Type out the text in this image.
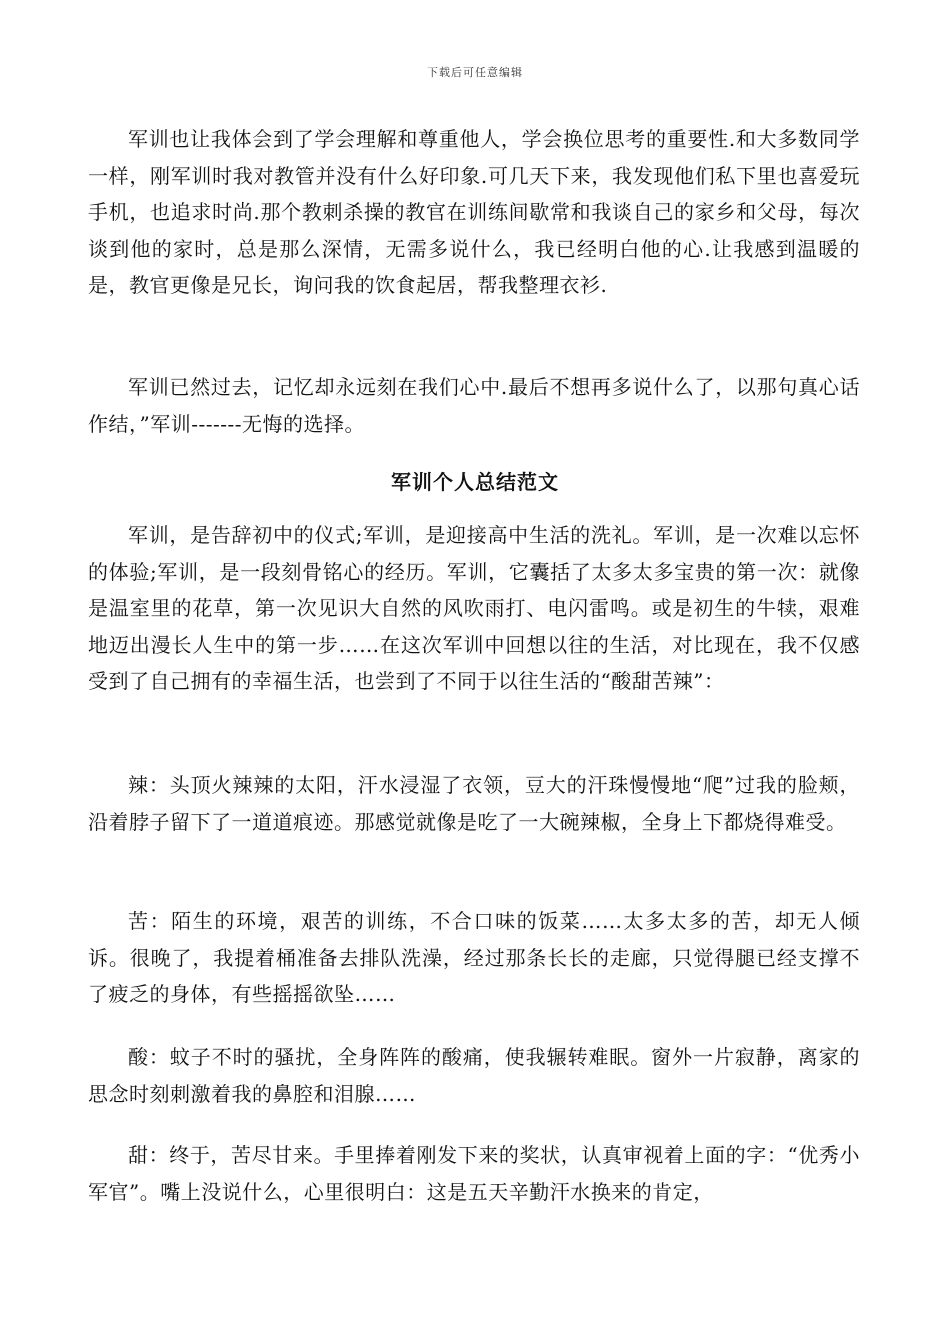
下载后可任意编辑

军训也让我体会到了学会理解和尊重他人，学会换位思考的重要性.和大多数同学一样，刚军训时我对教管并没有什么好印象.可几天下来，我发现他们私下里也喜爱玩手机，也追求时尚.那个教刺杀操的教官在训练间歇常和我谈自己的家乡和父母，每次谈到他的家时，总是那么深情，无需多说什么，我已经明白他的心.让我感到温暖的是，教官更像是兄长，询问我的饮食起居，帮我整理衣衫.

军训已然过去，记忆却永远刻在我们心中.最后不想再多说什么了，以那句真心话作结，”军训-------无悔的选择。

军训个人总结范文

军训，是告辞初中的仪式;军训，是迎接高中生活的洗礼。军训，是一次难以忘怀的体验;军训，是一段刻骨铭心的经历。军训，它囊括了太多太多宝贵的第一次：就像是温室里的花草，第一次见识大自然的风吹雨打、电闪雷鸣。或是初生的牛犊，艰难地迈出漫长人生中的第一步……在这次军训中回想以往的生活，对比现在，我不仅感受到了自己拥有的幸福生活，也尝到了不同于以往生活的“酸甜苦辣”：

辣：头顶火辣辣的太阳，汗水浸湿了衣领，豆大的汗珠慢慢地“爬”过我的脸颊，沿着脖子留下了一道道痕迹。那感觉就像是吃了一大碗辣椒，全身上下都烧得难受。

苦：陌生的环境，艰苦的训练，不合口味的饭菜……太多太多的苦，却无人倾诉。很晚了，我提着桶准备去排队洗澡，经过那条长长的走廊，只觉得腿已经支撑不了疲乏的身体，有些摇摇欲坠……

酸：蚊子不时的骚扰，全身阵阵的酸痛，使我辗转难眠。窗外一片寂静，离家的思念时刻刺激着我的鼻腔和泪腺……

甜：终于，苦尽甘来。手里捧着刚发下来的奖状，认真审视着上面的字：“优秀小军官”。嘴上没说什么，心里很明白：这是五天辛勤汗水换来的肯定，
